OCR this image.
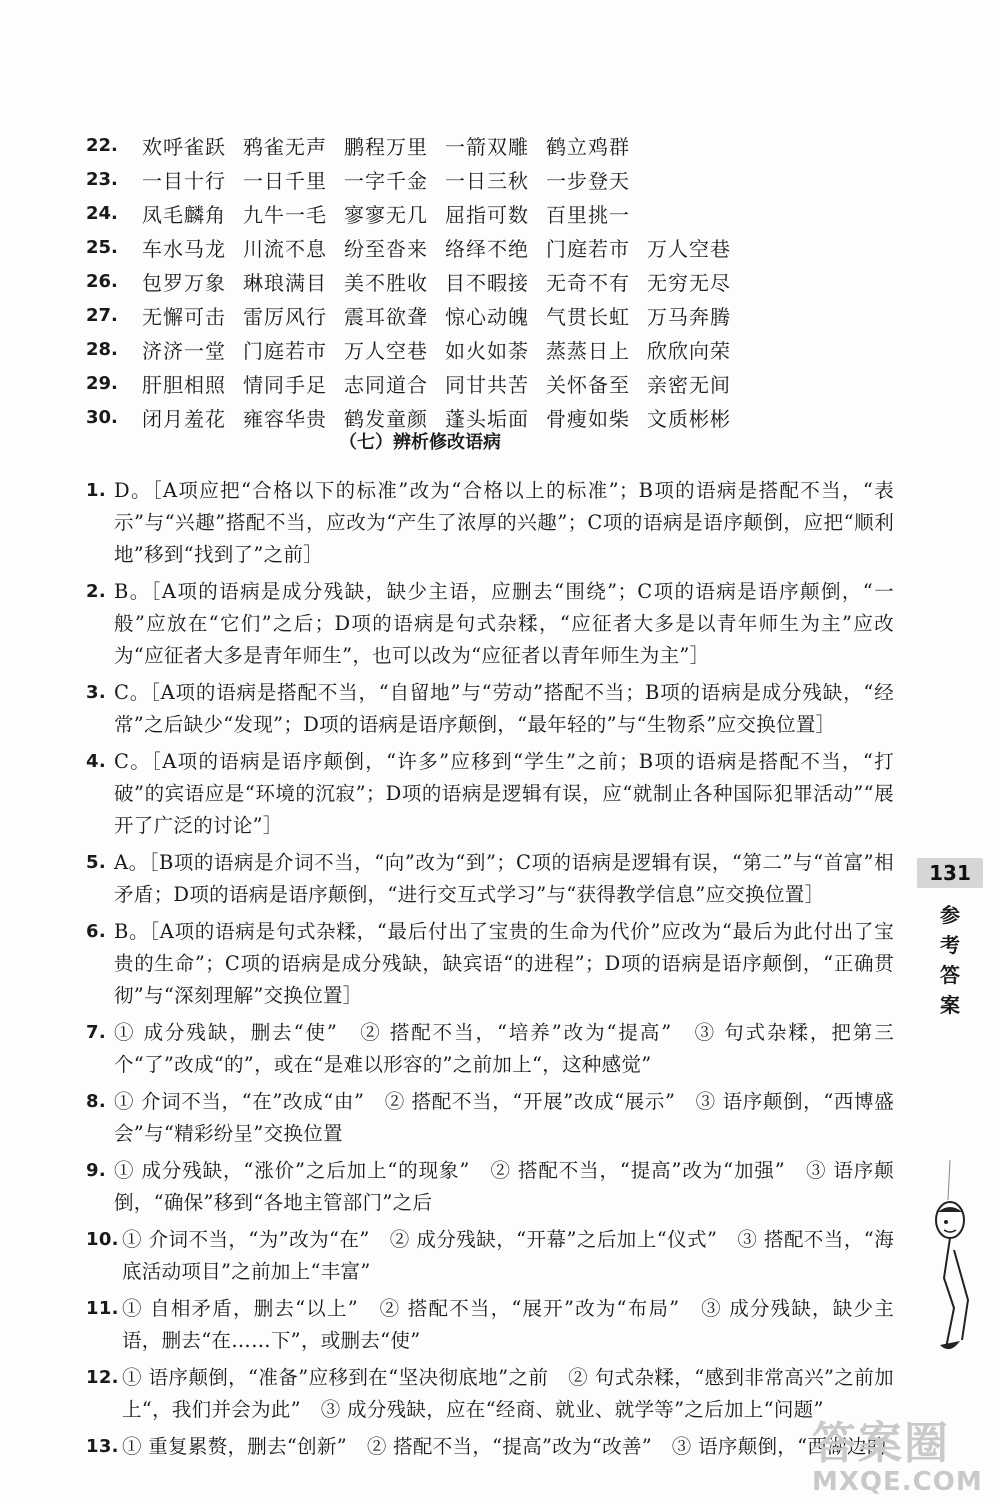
22.	欢呼雀跃	鸦雀无声	鹏程万里	一箭双雕	鹤立鸡群	
23.	一目十行	一日千里	一字千金	一日三秋	一步登天	
24.	凤毛麟角	九牛一毛	寥寥无几	屈指可数	百里挑一	
25.	车水马龙	川流不息	纷至沓来	络绎不绝	门庭若市	万人空巷
26.	包罗万象	琳琅满目	美不胜收	目不暇接	无奇不有	无穷无尽
27.	无懈可击	雷厉风行	震耳欲聋	惊心动魄	气贯长虹	万马奔腾
28.	济济一堂	门庭若市	万人空巷	如火如荼	蒸蒸日上	欣欣向荣
29.	肝胆相照	情同手足	志同道合	同甘共苦	关怀备至	亲密无间
30.	闭月羞花	雍容华贵	鹤发童颜	蓬头垢面	骨瘦如柴	文质彬彬
（七）辨析修改语病
1. D。［A项应把“合格以下的标准”改为“合格以上的标准”；B项的语病是搭配不当，“表示”与“兴趣”搭配不当，应改为“产生了浓厚的兴趣”；C项的语病是语序颠倒，应把“顺利地”移到“找到了”之前］
2. B。［A项的语病是成分残缺，缺少主语，应删去“围绕”；C项的语病是语序颠倒，“一般”应放在“它们”之后；D项的语病是句式杂糅，“应征者大多是以青年师生为主”应改为“应征者大多是青年师生”，也可以改为“应征者以青年师生为主”］
3. C。［A项的语病是搭配不当，“自留地”与“劳动”搭配不当；B项的语病是成分残缺，“经常”之后缺少“发现”；D项的语病是语序颠倒，“最年轻的”与“生物系”应交换位置］
4. C。［A项的语病是语序颠倒，“许多”应移到“学生”之前；B项的语病是搭配不当，“打破”的宾语应是“环境的沉寂”；D项的语病是逻辑有误，应“就制止各种国际犯罪活动”“展开了广泛的讨论”］
5. A。［B项的语病是介词不当，“向”改为“到”；C项的语病是逻辑有误，“第二”与“首富”相矛盾；D项的语病是语序颠倒，“进行交互式学习”与“获得教学信息”应交换位置］
6. B。［A项的语病是句式杂糅，“最后付出了宝贵的生命为代价”应改为“最后为此付出了宝贵的生命”；C项的语病是成分残缺，缺宾语“的进程”；D项的语病是语序颠倒，“正确贯彻”与“深刻理解”交换位置］
7. ① 成分残缺，删去“使”　② 搭配不当，“培养”改为“提高”　③ 句式杂糅，把第三个“了”改成“的”，或在“是难以形容的”之前加上“，这种感觉”
8. ① 介词不当，“在”改成“由”　② 搭配不当，“开展”改成“展示”　③ 语序颠倒，“西博盛会”与“精彩纷呈”交换位置
9. ① 成分残缺，“涨价”之后加上“的现象”　② 搭配不当，“提高”改为“加强”　③ 语序颠倒，“确保”移到“各地主管部门”之后
10. ① 介词不当，“为”改为“在”　② 成分残缺，“开幕”之后加上“仪式”　③ 搭配不当，“海底活动项目”之前加上“丰富”
11. ① 自相矛盾，删去“以上”　② 搭配不当，“展开”改为“布局”　③ 成分残缺，缺少主语，删去“在……下”，或删去“使”
12. ① 语序颠倒，“准备”应移到在“坚决彻底地”之前　② 句式杂糅，“感到非常高兴”之前加上“，我们并会为此”　③ 成分残缺，应在“经商、就业、就学等”之后加上“问题”
13. ① 重复累赘，删去“创新”　② 搭配不当，“提高”改为“改善”　③ 语序颠倒，“西湖边的
131
参
考
答
案
答案圈
MXQE.COM
